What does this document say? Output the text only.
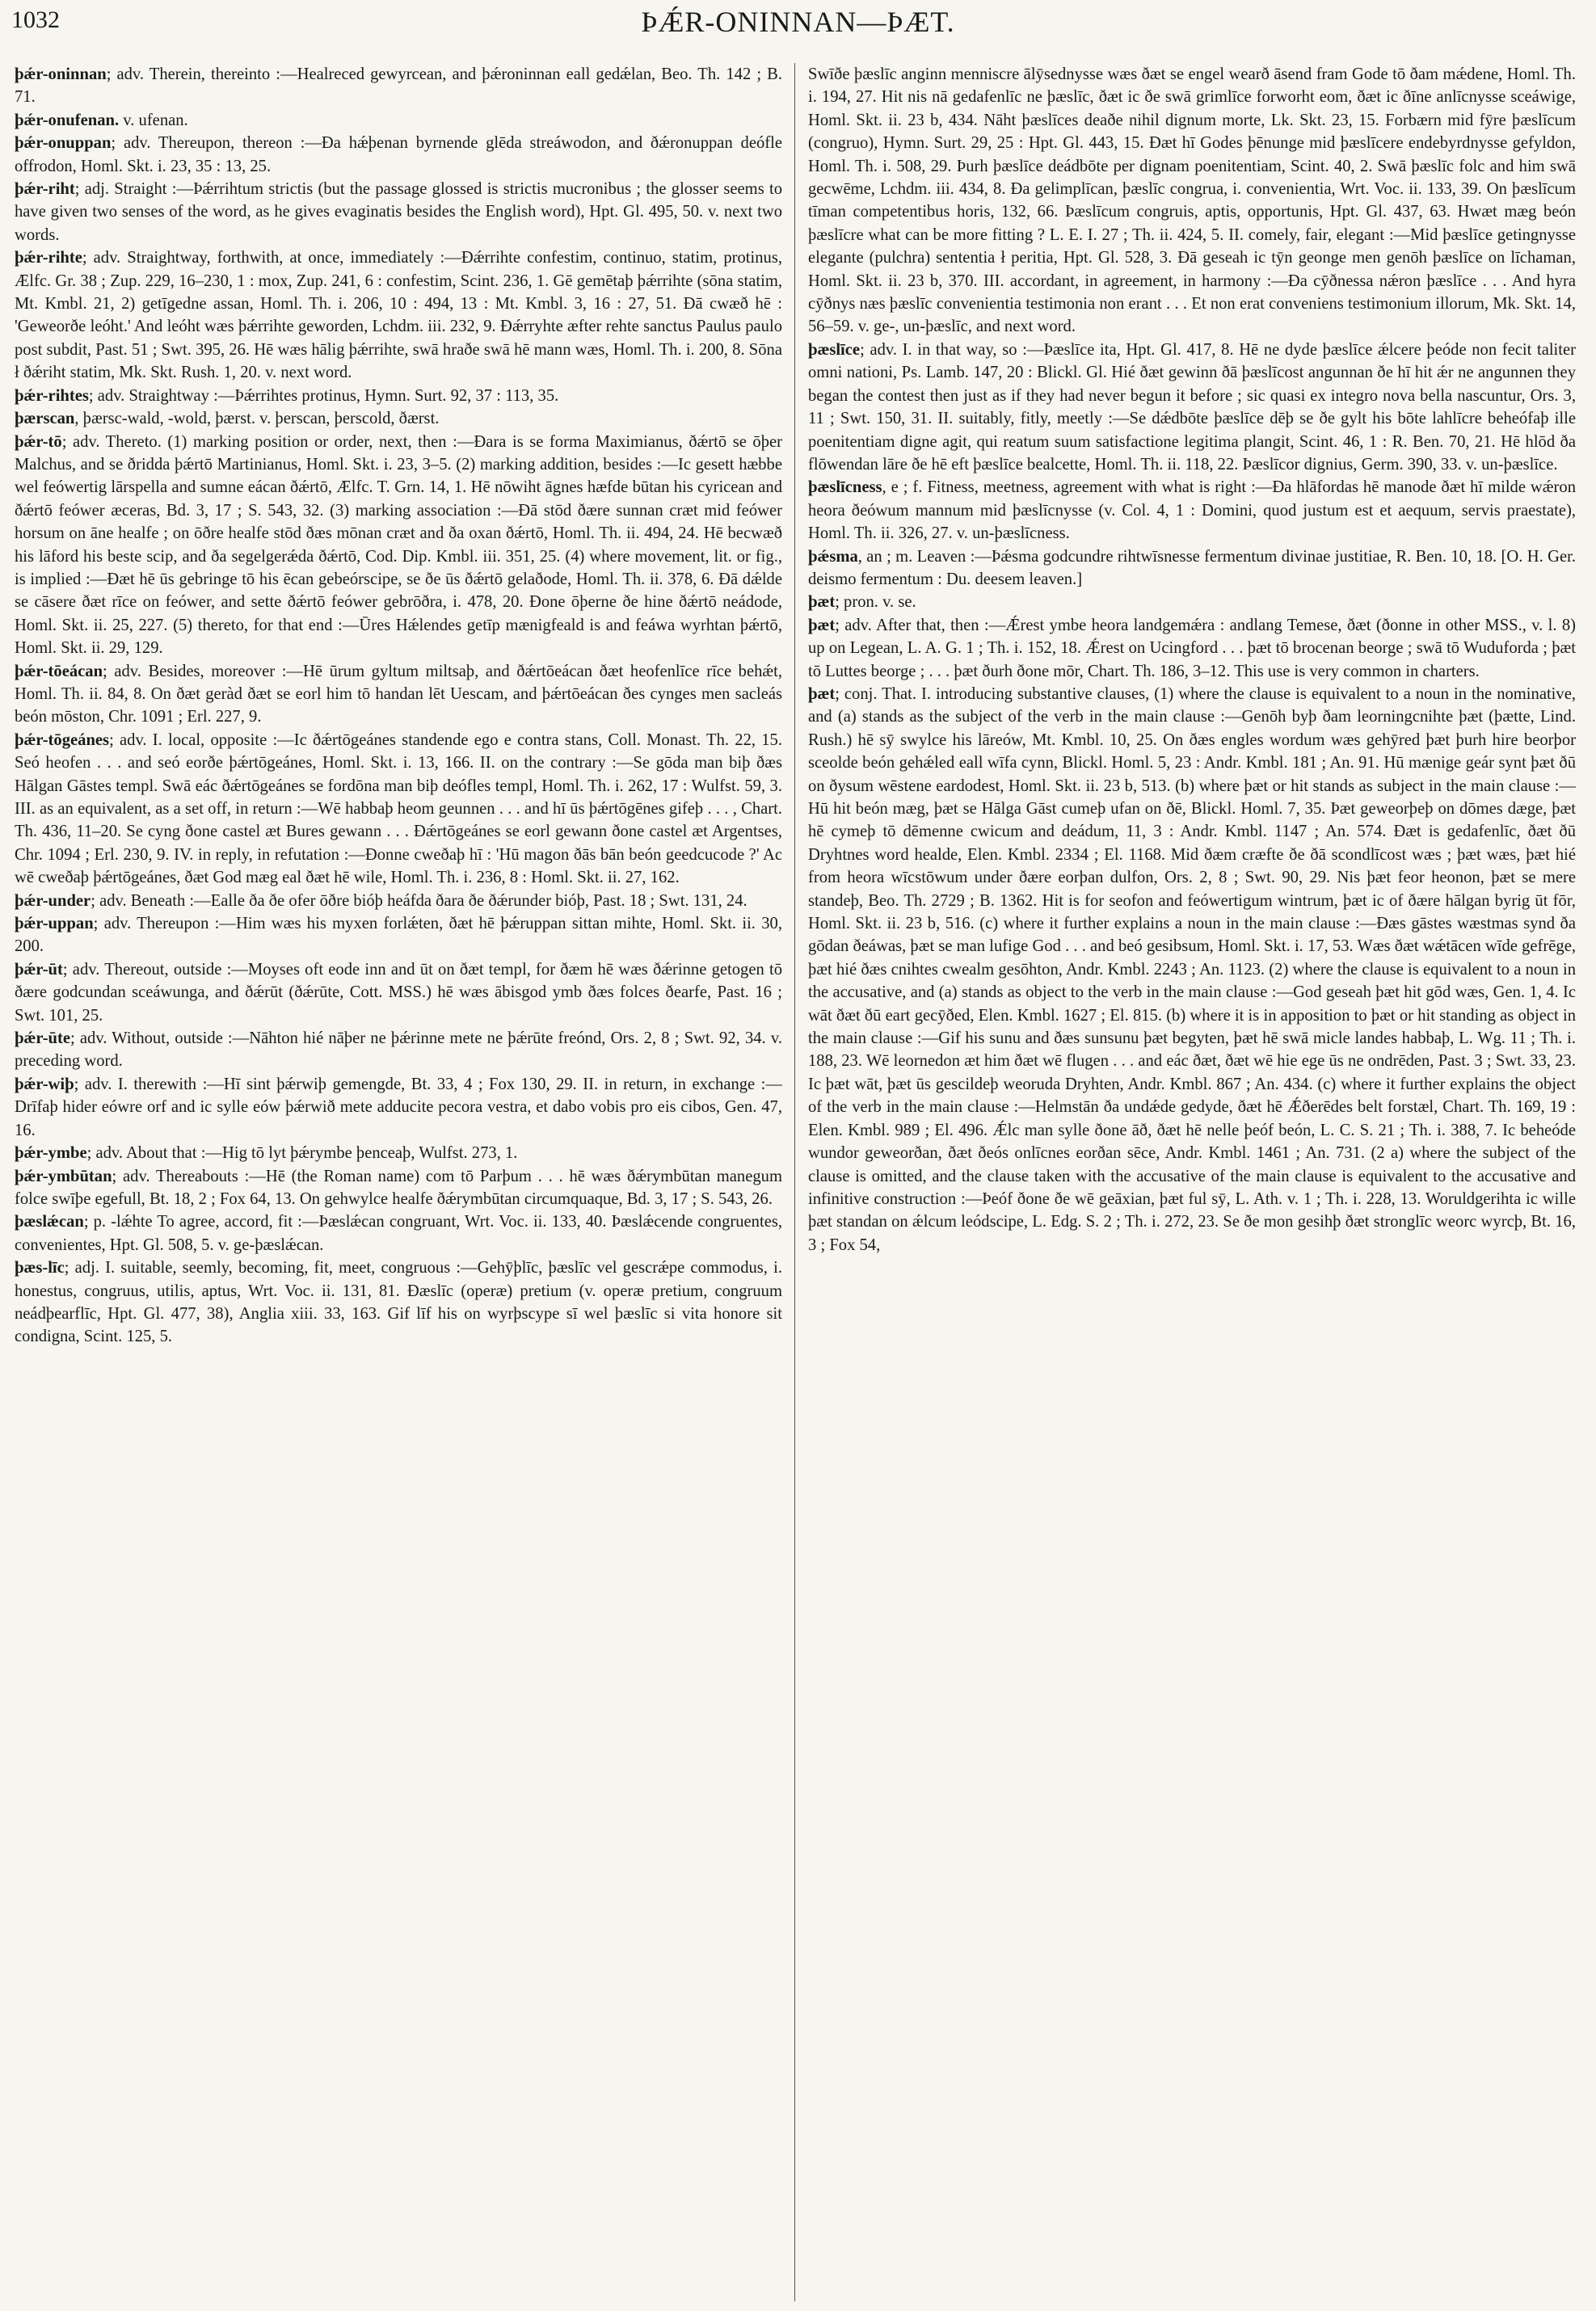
1032	ÞǼR-ONINNAN—ÞÆT.

þǽr-oninnan; adv. Therein, thereinto :—Healreced gewyrcean, and þǽroninnan eall gedǽlan, Beo. Th. 142 ; B. 71.

þǽr-onufenan. v. ufenan.

þǽr-onuppan; adv. Thereupon, thereon :—Ða hǽþenan byrnende glēda streáwodon, and ðǽronuppan deófle offrodon, Homl. Skt. i. 23, 35 : 13, 25.

þǽr-riht; adj. Straight :—Þǽrrihtum strictis (but the passage glossed is strictis mucronibus ; the glosser seems to have given two senses of the word, as he gives evaginatis besides the English word), Hpt. Gl. 495, 50. v. next two words.

þǽr-rihte; adv. Straightway, forthwith, at once, immediately :—Ðǽrrihte confestim, continuo, statim, protinus, Ælfc. Gr. 38 ; Zup. 229, 16–230, 1 : mox, Zup. 241, 6 : confestim, Scint. 236, 1. Gē gemētaþ þǽrrihte (sōna statim, Mt. Kmbl. 21, 2) getīgedne assan, Homl. Th. i. 206, 10 : 494, 13 : Mt. Kmbl. 3, 16 : 27, 51. Ðā cwæð hē : 'Geweorðe leóht.' And leóht wæs þǽrrihte geworden, Lchdm. iii. 232, 9. Ðǽrryhte æfter rehte sanctus Paulus paulo post subdit, Past. 51 ; Swt. 395, 26. Hē wæs hālig þǽrrihte, swā hraðe swā hē mann wæs, Homl. Th. i. 200, 8. Sōna ł ðǽriht statim, Mk. Skt. Rush. 1, 20. v. next word.

þǽr-rihtes; adv. Straightway :—Þǽrrihtes protinus, Hymn. Surt. 92, 37 : 113, 35.

þærscan, þærsc-wald, -wold, þærst. v. þerscan, þerscold, ðærst.

þǽr-tō; adv. Thereto. (1) marking position or order, next, then :—Ðara is se forma Maximianus, ðǽrtō se ōþer Malchus, and se ðridda þǽrtō Martinianus, Homl. Skt. i. 23, 3–5. (2) marking addition, besides :—Ic gesett hæbbe wel feówertig lārspella and sumne eácan ðǽrtō, Ælfc. T. Grn. 14, 1. Hē nōwiht āgnes hæfde būtan his cyricean and ðǽrtō feówer æceras, Bd. 3, 17 ; S. 543, 32. (3) marking association :—Ðā stōd ðære sunnan cræt mid feówer horsum on āne healfe ; on ōðre healfe stōd ðæs mōnan cræt and ða oxan ðǽrtō, Homl. Th. ii. 494, 24. Hē becwæð his lāford his beste scip, and ða segelgerǽda ðǽrtō, Cod. Dip. Kmbl. iii. 351, 25. (4) where movement, lit. or fig., is implied :—Ðæt hē ūs gebringe tō his ēcan gebeórscipe, se ðe ūs ðǽrtō gelaðode, Homl. Th. ii. 378, 6. Ðā dǽlde se cāsere ðæt rīce on feówer, and sette ðǽrtō feówer gebrōðra, i. 478, 20. Ðone ōþerne ðe hine ðǽrtō neádode, Homl. Skt. ii. 25, 227. (5) thereto, for that end :—Ūres Hǽlendes getīp mænigfeald is and feáwa wyrhtan þǽrtō, Homl. Skt. ii. 29, 129.

þǽr-tōeácan; adv. Besides, moreover :—Hē ūrum gyltum miltsaþ, and ðǽrtōeácan ðæt heofenlīce rīce behǽt, Homl. Th. ii. 84, 8. On ðæt geràd ðæt se eorl him tō handan lēt Uescam, and þǽrtōeácan ðes cynges men sacleás beón mōston, Chr. 1091 ; Erl. 227, 9.

þǽr-tōgeánes; adv. I. local, opposite :—Ic ðǽrtōgeánes standende ego e contra stans, Coll. Monast. Th. 22, 15. Seó heofen . . . and seó eorðe þǽrtōgeánes, Homl. Skt. i. 13, 166. II. on the contrary :—Se gōda man biþ ðæs Hālgan Gāstes templ. Swā eác ðǽrtōgeánes se fordōna man biþ deófles templ, Homl. Th. i. 262, 17 : Wulfst. 59, 3. III. as an equivalent, as a set off, in return :—Wē habbaþ heom geunnen . . . and hī ūs þǽrtōgēnes gifeþ . . . , Chart. Th. 436, 11–20. Se cyng ðone castel æt Bures gewann . . . Ðǽrtōgeánes se eorl gewann ðone castel æt Argentses, Chr. 1094 ; Erl. 230, 9. IV. in reply, in refutation :—Ðonne cweðaþ hī : 'Hū magon ðās bān beón geedcucode ?' Ac wē cweðaþ þǽrtōgeánes, ðæt God mæg eal ðæt hē wile, Homl. Th. i. 236, 8 : Homl. Skt. ii. 27, 162.

þǽr-under; adv. Beneath :—Ealle ða ðe ofer ōðre bióþ heáfda ðara ðe ðǽrunder bióþ, Past. 18 ; Swt. 131, 24.

þǽr-uppan; adv. Thereupon :—Him wæs his myxen forlǽten, ðæt hē þǽruppan sittan mihte, Homl. Skt. ii. 30, 200.

þǽr-ūt; adv. Thereout, outside :—Moyses oft eode inn and ūt on ðæt templ, for ðæm hē wæs ðǽrinne getogen tō ðære godcundan sceáwunga, and ðǽrūt (ðǽrūte, Cott. MSS.) hē wæs ābisgod ymb ðæs folces ðearfe, Past. 16 ; Swt. 101, 25.

þǽr-ūte; adv. Without, outside :—Nāhton hié nāþer ne þǽrinne mete ne þǽrūte freónd, Ors. 2, 8 ; Swt. 92, 34. v. preceding word.

þǽr-wiþ; adv. I. therewith :—Hī sint þǽrwiþ gemengde, Bt. 33, 4 ; Fox 130, 29. II. in return, in exchange :—Drīfaþ hider eówre orf and ic sylle eów þǽrwið mete adducite pecora vestra, et dabo vobis pro eis cibos, Gen. 47, 16.

þǽr-ymbe; adv. About that :—Hig tō lyt þǽrymbe þenceaþ, Wulfst. 273, 1.

þǽr-ymbūtan; adv. Thereabouts :—Hē (the Roman name) com tō Parþum . . . hē wæs ðǽrymbūtan manegum folce swīþe egefull, Bt. 18, 2 ; Fox 64, 13. On gehwylce healfe ðǽrymbūtan circumquaque, Bd. 3, 17 ; S. 543, 26.

þæslǽcan; p. -lǽhte To agree, accord, fit :—Þæslǽcan congruant, Wrt. Voc. ii. 133, 40. Þæslǽcende congruentes, convenientes, Hpt. Gl. 508, 5. v. ge-þæslǽcan.

þæs-līc; adj. I. suitable, seemly, becoming, fit, meet, congruous :—Gehȳþlīc, þæslīc vel gescrǽpe commodus, i. honestus, congruus, utilis, aptus, Wrt. Voc. ii. 131, 81. Ðæslīc (operæ) pretium (v. operæ pretium, congruum neádþearflīc, Hpt. Gl. 477, 38), Anglia xiii. 33, 163. Gif līf his on wyrþscype sī wel þæslīc si vita honore sit condigna, Scint. 125, 5.

Swīðe þæslīc anginn menniscre ālȳsednysse wæs ðæt se engel wearð āsend fram Gode tō ðam mǽdene, Homl. Th. i. 194, 27. Hit nis nā gedafenlīc ne þæslīc, ðæt ic ðe swā grimlīce forworht eom, ðæt ic ðīne anlīcnysse sceáwige, Homl. Skt. ii. 23 b, 434. Nāht þæslīces deaðe nihil dignum morte, Lk. Skt. 23, 15. Forbærn mid fȳre þæslīcum (congruo), Hymn. Surt. 29, 25 : Hpt. Gl. 443, 15. Ðæt hī Godes þēnunge mid þæslīcere endebyrdnysse gefyldon, Homl. Th. i. 508, 29. Þurh þæslīce deádbōte per dignam poenitentiam, Scint. 40, 2. Swā þæslīc folc and him swā gecwēme, Lchdm. iii. 434, 8. Ða gelimplīcan, þæslīc congrua, i. convenientia, Wrt. Voc. ii. 133, 39. On þæslīcum tīman competentibus horis, 132, 66. Þæslīcum congruis, aptis, opportunis, Hpt. Gl. 437, 63. Hwæt mæg beón þæslīcre what can be more fitting ? L. E. I. 27 ; Th. ii. 424, 5. II. comely, fair, elegant :—Mid þæslīce getingnysse elegante (pulchra) sententia ł peritia, Hpt. Gl. 528, 3. Ðā geseah ic tȳn geonge men genōh þæslīce on līchaman, Homl. Skt. ii. 23 b, 370. III. accordant, in agreement, in harmony :—Ða cȳðnessa nǽron þæslīce . . . And hyra cȳðnys næs þæslīc convenientia testimonia non erant . . . Et non erat conveniens testimonium illorum, Mk. Skt. 14, 56–59. v. ge-, un-þæslīc, and next word.

þæslīce; adv. I. in that way, so :—Þæslīce ita, Hpt. Gl. 417, 8. Hē ne dyde þæslīce ǽlcere þeóde non fecit taliter omni nationi, Ps. Lamb. 147, 20 : Blickl. Gl. Hié ðæt gewinn ðā þæslīcost angunnan ðe hī hit ǽr ne angunnen they began the contest then just as if they had never begun it before ; sic quasi ex integro nova bella nascuntur, Ors. 3, 11 ; Swt. 150, 31. II. suitably, fitly, meetly :—Se dǽdbōte þæslīce dēþ se ðe gylt his bōte lahlīcre beheófaþ ille poenitentiam digne agit, qui reatum suum satisfactione legitima plangit, Scint. 46, 1 : R. Ben. 70, 21. Hē hlōd ða flōwendan lāre ðe hē eft þæslīce bealcette, Homl. Th. ii. 118, 22. Þæslīcor dignius, Germ. 390, 33. v. un-þæslīce.

þæslīcness, e ; f. Fitness, meetness, agreement with what is right :—Ða hlāfordas hē manode ðæt hī milde wǽron heora ðeówum mannum mid þæslīcnysse (v. Col. 4, 1 : Domini, quod justum est et aequum, servis praestate), Homl. Th. ii. 326, 27. v. un-þæslīcness.

þǽsma, an ; m. Leaven :—Þǽsma godcundre rihtwīsnesse fermentum divinae justitiae, R. Ben. 10, 18. [O. H. Ger. deismo fermentum : Du. deesem leaven.]

þæt; pron. v. se.

þæt; adv. After that, then :—Ǽrest ymbe heora landgemǽra : andlang Temese, ðæt (ðonne in other MSS., v. l. 8) up on Legean, L. A. G. 1 ; Th. i. 152, 18. Ǽrest on Ucingford . . . þæt tō brocenan beorge ; swā tō Wuduforda ; þæt tō Luttes beorge ; . . . þæt ðurh ðone mōr, Chart. Th. 186, 3–12. This use is very common in charters.

þæt; conj. That. I. introducing substantive clauses, (1) where the clause is equivalent to a noun in the nominative, and (a) stands as the subject of the verb in the main clause :—Genōh byþ ðam leorningcnihte þæt (þætte, Lind. Rush.) hē sȳ swylce his lāreów, Mt. Kmbl. 10, 25. On ðæs engles wordum wæs gehȳred þæt þurh hire beorþor sceolde beón gehǽled eall wīfa cynn, Blickl. Homl. 5, 23 : Andr. Kmbl. 181 ; An. 91. Hū mænige geár synt þæt ðū on ðysum wēstene eardodest, Homl. Skt. ii. 23 b, 513. (b) where þæt or hit stands as subject in the main clause :—Hū hit beón mæg, þæt se Hālga Gāst cumeþ ufan on ðē, Blickl. Homl. 7, 35. Þæt geweorþeþ on dōmes dæge, þæt hē cymeþ tō dēmenne cwicum and deádum, 11, 3 : Andr. Kmbl. 1147 ; An. 574. Ðæt is gedafenlīc, ðæt ðū Dryhtnes word healde, Elen. Kmbl. 2334 ; El. 1168. Mid ðæm cræfte ðe ðā scondlīcost wæs ; þæt wæs, þæt hié from heora wīcstōwum under ðære eorþan dulfon, Ors. 2, 8 ; Swt. 90, 29. Nis þæt feor heonon, þæt se mere standeþ, Beo. Th. 2729 ; B. 1362. Hit is for seofon and feówertigum wintrum, þæt ic of ðære hālgan byrig ūt fōr, Homl. Skt. ii. 23 b, 516. (c) where it further explains a noun in the main clause :—Ðæs gāstes wæstmas synd ða gōdan ðeáwas, þæt se man lufige God . . . and beó gesibsum, Homl. Skt. i. 17, 53. Wæs ðæt wǽtācen wīde gefrēge, þæt hié ðæs cnihtes cwealm gesōhton, Andr. Kmbl. 2243 ; An. 1123. (2) where the clause is equivalent to a noun in the accusative, and (a) stands as object to the verb in the main clause :—God geseah þæt hit gōd wæs, Gen. 1, 4. Ic wāt ðæt ðū eart gecȳðed, Elen. Kmbl. 1627 ; El. 815. (b) where it is in apposition to þæt or hit standing as object in the main clause :—Gif his sunu and ðæs sunsunu þæt begyten, þæt hē swā micle landes habbaþ, L. Wg. 11 ; Th. i. 188, 23. Wē leornedon æt him ðæt wē flugen . . . and eác ðæt, ðæt wē hie ege ūs ne ondrēden, Past. 3 ; Swt. 33, 23. Ic þæt wāt, þæt ūs gescildeþ weoruda Dryhten, Andr. Kmbl. 867 ; An. 434. (c) where it further explains the object of the verb in the main clause :—Helmstān ða undǽde gedyde, ðæt hē Ǽðerēdes belt forstæl, Chart. Th. 169, 19 : Elen. Kmbl. 989 ; El. 496. Ǽlc man sylle ðone āð, ðæt hē nelle þeóf beón, L. C. S. 21 ; Th. i. 388, 7. Ic beheóde wundor geweorðan, ðæt ðeós onlīcnes eorðan sēce, Andr. Kmbl. 1461 ; An. 731. (2 a) where the subject of the clause is omitted, and the clause taken with the accusative of the main clause is equivalent to the accusative and infinitive construction :—Þeóf ðone ðe wē geāxian, þæt ful sȳ, L. Ath. v. 1 ; Th. i. 228, 13. Woruldgerihta ic wille þæt standan on ǽlcum leódscipe, L. Edg. S. 2 ; Th. i. 272, 23. Se ðe mon gesihþ ðæt stronglīc weorc wyrcþ, Bt. 16, 3 ; Fox 54,
